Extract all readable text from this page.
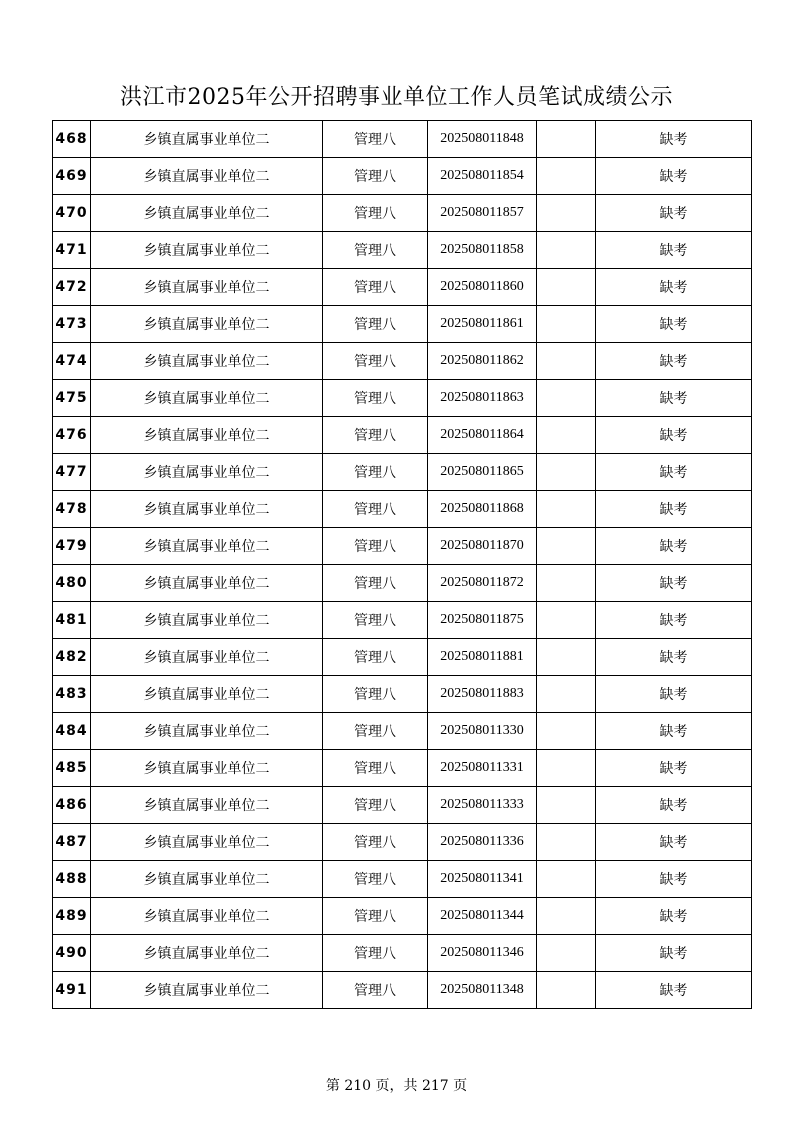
洪江市2025年公开招聘事业单位工作人员笔试成绩公示
468	乡镇直属事业单位二	管理八	202508011848		缺考
469	乡镇直属事业单位二	管理八	202508011854		缺考
470	乡镇直属事业单位二	管理八	202508011857		缺考
471	乡镇直属事业单位二	管理八	202508011858		缺考
472	乡镇直属事业单位二	管理八	202508011860		缺考
473	乡镇直属事业单位二	管理八	202508011861		缺考
474	乡镇直属事业单位二	管理八	202508011862		缺考
475	乡镇直属事业单位二	管理八	202508011863		缺考
476	乡镇直属事业单位二	管理八	202508011864		缺考
477	乡镇直属事业单位二	管理八	202508011865		缺考
478	乡镇直属事业单位二	管理八	202508011868		缺考
479	乡镇直属事业单位二	管理八	202508011870		缺考
480	乡镇直属事业单位二	管理八	202508011872		缺考
481	乡镇直属事业单位二	管理八	202508011875		缺考
482	乡镇直属事业单位二	管理八	202508011881		缺考
483	乡镇直属事业单位二	管理八	202508011883		缺考
484	乡镇直属事业单位二	管理八	202508011330		缺考
485	乡镇直属事业单位二	管理八	202508011331		缺考
486	乡镇直属事业单位二	管理八	202508011333		缺考
487	乡镇直属事业单位二	管理八	202508011336		缺考
488	乡镇直属事业单位二	管理八	202508011341		缺考
489	乡镇直属事业单位二	管理八	202508011344		缺考
490	乡镇直属事业单位二	管理八	202508011346		缺考
491	乡镇直属事业单位二	管理八	202508011348		缺考
第 210 页，共 217 页
